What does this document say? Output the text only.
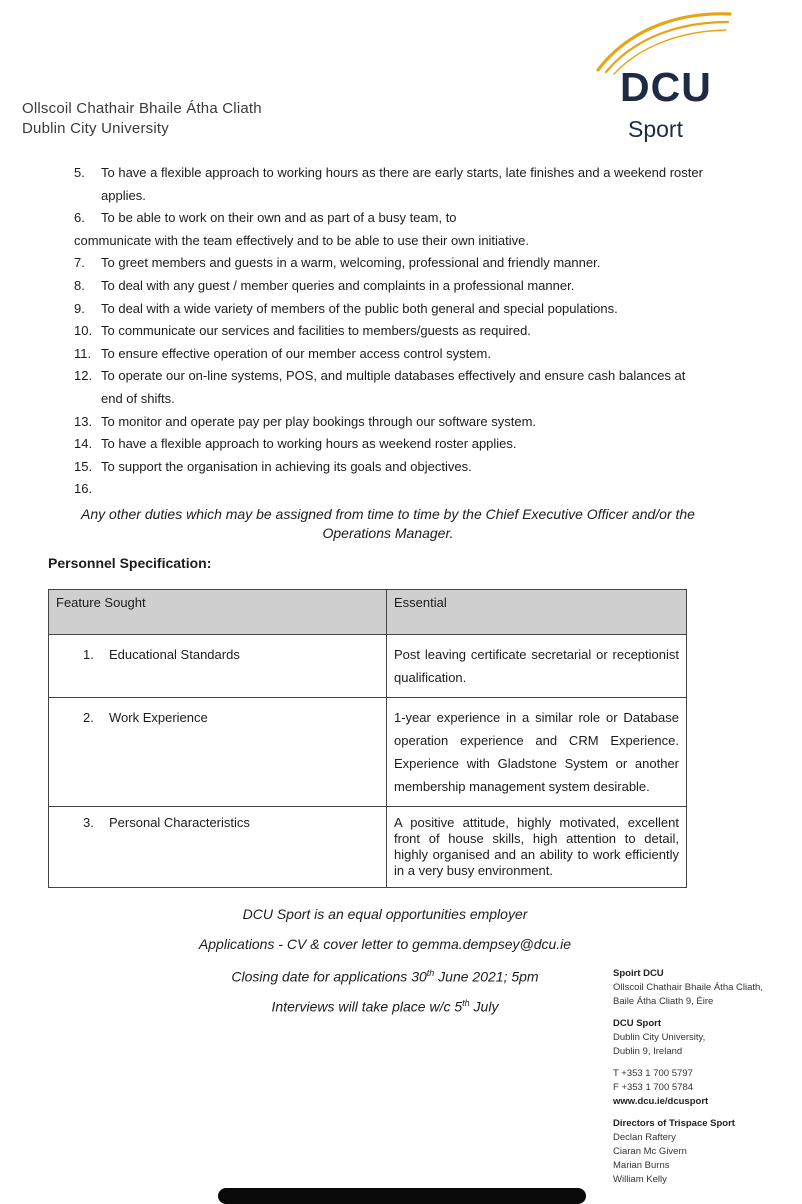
Ollscoil Chathair Bhaile Átha Cliath
Dublin City University
DCU
Sport
5.	To have a flexible approach to working hours as there are early starts, late finishes and a weekend roster
applies.
6.	To be able to work on their own and as part of a busy team, to
communicate with the team effectively and to be able to use their own initiative.
7.	To greet members and guests in a warm, welcoming, professional and friendly manner.
8.	To deal with any guest / member queries and complaints in a professional manner.
9.	To deal with a wide variety of members of the public both general and special populations.
10. To communicate our services and facilities to members/guests as required.
11. To ensure effective operation of our member access control system.
12. To operate our on-line systems, POS, and multiple databases effectively and ensure cash balances at
end of shifts.
13. To monitor and operate pay per play bookings through our software system.
14. To have a flexible approach to working hours as weekend roster applies.
15. To support the organisation in achieving its goals and objectives.
16.
Any other duties which may be assigned from time to time by the Chief Executive Officer and/or the
Operations Manager.
Personnel Specification:
Feature Sought	Essential
1. Educational Standards	Post leaving certificate secretarial or receptionist qualification.
2. Work Experience	1-year experience in a similar role or Database operation experience and CRM Experience. Experience with Gladstone System or another membership management system desirable.
3. Personal Characteristics	A positive attitude, highly motivated, excellent front of house skills, high attention to detail, highly organised and an ability to work efficiently in a very busy environment.
DCU Sport is an equal opportunities employer
Applications - CV & cover letter to gemma.dempsey@dcu.ie
Closing date for applications 30th June 2021; 5pm
Interviews will take place w/c 5th July
Spoirt DCU
Ollscoil Chathair Bhaile Átha Cliath,
Baile Átha Cliath 9, Éire
DCU Sport
Dublin City University,
Dublin 9, Ireland
T +353 1 700 5797
F +353 1 700 5784
www.dcu.ie/dcusport
Directors of Trispace Sport
Declan Raftery
Ciaran Mc Givern
Marian Burns
William Kelly
